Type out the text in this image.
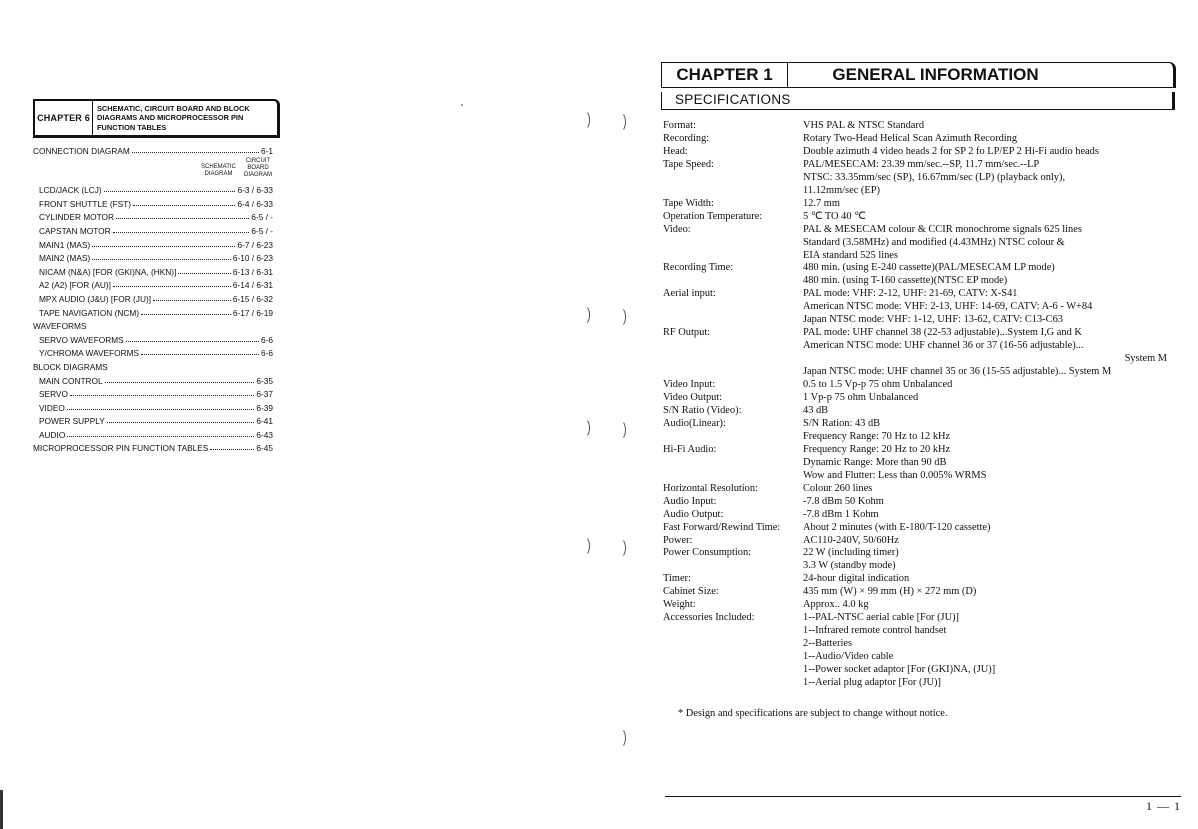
CHAPTER 6
SCHEMATIC, CIRCUIT BOARD AND BLOCK
DIAGRAMS AND MICROPROCESSOR PIN
FUNCTION TABLES
CONNECTION DIAGRAM	6-1
SCHEMATIC
DIAGRAM
CIRCUIT
BOARD
DIAGRAM
LCD/JACK (LCJ)	6-3 / 6-33
FRONT SHUTTLE (FST)	6-4 / 6-33
CYLINDER MOTOR	6-5 / -
CAPSTAN MOTOR	6-5 / -
MAIN1 (MAS)	6-7 / 6-23
MAIN2 (MAS)	6-10 / 6-23
NICAM (N&A) [FOR (GKI)NA, (HKN)]	6-13 / 6-31
A2 (A2) [FOR (AU)]	6-14 / 6-31
MPX AUDIO (J&U) [FOR (JU)]	6-15 / 6-32
TAPE NAVIGATION (NCM)	6-17 / 6-19
WAVEFORMS
SERVO WAVEFORMS	6-6
Y/CHROMA WAVEFORMS	6-6
BLOCK DIAGRAMS
MAIN CONTROL	6-35
SERVO	6-37
VIDEO	6-39
POWER SUPPLY	6-41
AUDIO	6-43
MICROPROCESSOR PIN FUNCTION TABLES	6-45
CHAPTER 1	GENERAL INFORMATION
SPECIFICATIONS
Format:	VHS PAL & NTSC Standard
Recording:	Rotary Two-Head Helical Scan Azimuth Recording
Head:	Double azimuth 4 video heads 2 for SP 2 fo LP/EP 2 Hi-Fi audio heads
Tape Speed:	PAL/MESECAM: 23.39 mm/sec.--SP, 11.7 mm/sec.--LP
NTSC: 33.35mm/sec (SP), 16.67mm/sec (LP) (playback only),
11.12mm/sec (EP)
Tape Width:	12.7 mm
Operation Temperature:	5 ℃ TO 40 ℃
Video:	PAL & MESECAM colour & CCIR monochrome signals 625 lines
Standard (3.58MHz) and modified (4.43MHz) NTSC colour &
EIA standard 525 lines
Recording Time:	480 min. (using E-240 cassette)(PAL/MESECAM LP mode)
480 min. (using T-160 cassette)(NTSC EP mode)
Aerial input:	PAL mode: VHF: 2-12, UHF: 21-69, CATV: X-S41
American NTSC mode: VHF: 2-13, UHF: 14-69, CATV: A-6 - W+84
Japan NTSC mode: VHF: 1-12, UHF: 13-62, CATV: C13-C63
RF Output:	PAL mode: UHF channel 38 (22-53 adjustable)...System I,G and K
American NTSC mode: UHF channel 36 or 37 (16-56 adjustable)...
System M
Japan NTSC mode: UHF channel 35 or 36 (15-55 adjustable)... System M
Video Input:	0.5 to 1.5 Vp-p 75 ohm Unbalanced
Video Output:	1 Vp-p 75 ohm Unbalanced
S/N Ratio (Video):	43 dB
Audio(Linear):	S/N Ration: 43 dB
Frequency Range: 70 Hz to 12 kHz
Hi-Fi Audio:	Frequency Range: 20 Hz to 20 kHz
Dynamic Range: More than 90 dB
Wow and Flutter: Less than 0.005% WRMS
Horizontal Resolution:	Colour 260 lines
Audio Input:	-7.8 dBm 50 Kohm
Audio Output:	-7.8 dBm 1 Kohm
Fast Forward/Rewind Time:	About 2 minutes (with E-180/T-120 cassette)
Power:	AC110-240V, 50/60Hz
Power Consumption:	22 W (including timer)
3.3 W (standby mode)
Timer:	24-hour digital indication
Cabinet Size:	435 mm (W) × 99 mm (H) × 272 mm (D)
Weight:	Approx.. 4.0 kg
Accessories Included:	1--PAL-NTSC aerial cable [For (JU)]
1--Infrared remote control handset
2--Batteries
1--Audio/Video cable
1--Power socket adaptor [For (GKI)NA, (JU)]
1--Aerial plug adaptor [For (JU)]
* Design and specifications are subject to change without notice.
1 — 1
